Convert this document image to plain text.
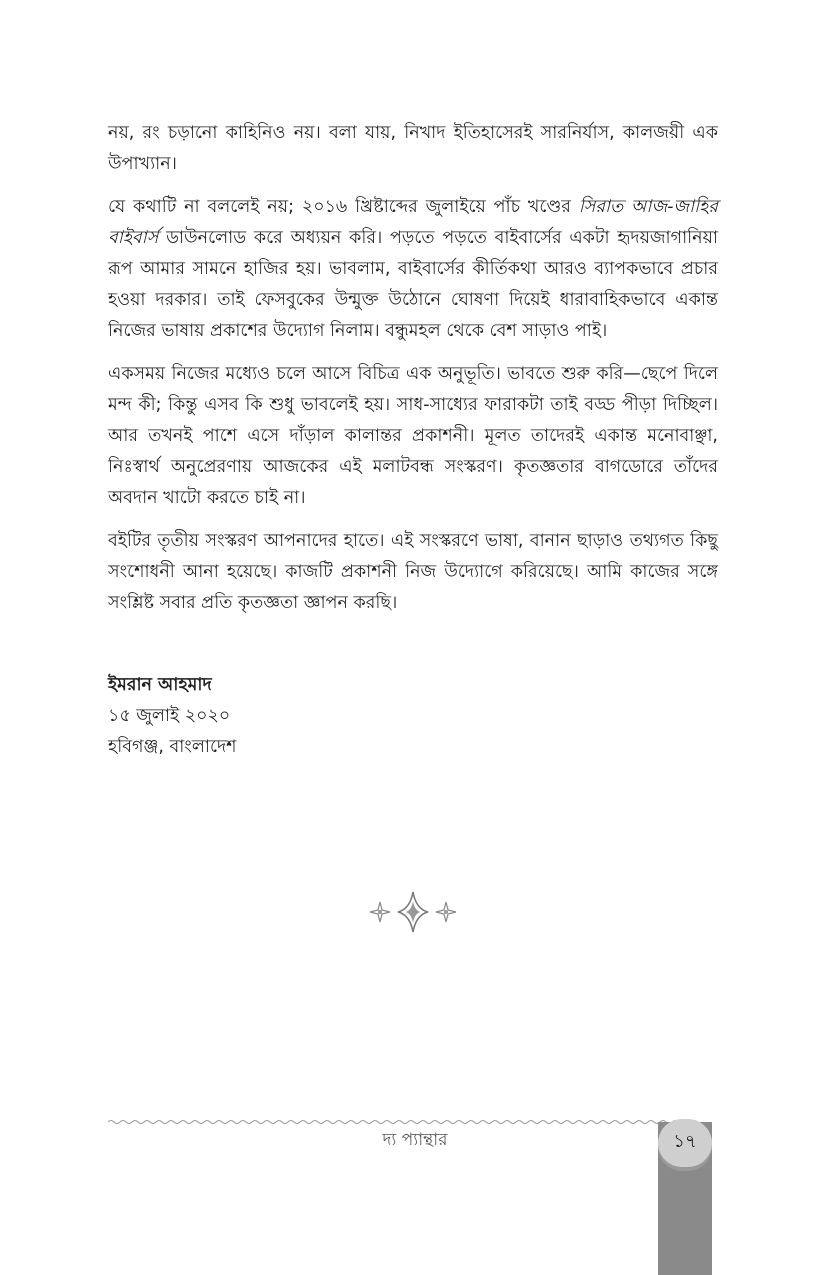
নয়, রং চড়ানো কাহিনিও নয়। বলা যায়, নিখাদ ইতিহাসেরই সারনির্যাস, কালজয়ী এক উপাখ্যান।

যে কথাটি না বললেই নয়; ২০১৬ খ্রিষ্টাব্দের জুলাইয়ে পাঁচ খণ্ডের সিরাত আজ-জাহির বাইবার্স ডাউনলোড করে অধ্যয়ন করি। পড়তে পড়তে বাইবার্সের একটা হৃদয়জাগানিয়া রূপ আমার সামনে হাজির হয়। ভাবলাম, বাইবার্সের কীর্তিকথা আরও ব্যাপকভাবে প্রচার হওয়া দরকার। তাই ফেসবুকের উন্মুক্ত উঠোনে ঘোষণা দিয়েই ধারাবাহিকভাবে একান্ত নিজের ভাষায় প্রকাশের উদ্যোগ নিলাম। বন্ধুমহল থেকে বেশ সাড়াও পাই।

একসময় নিজের মধ্যেও চলে আসে বিচিত্র এক অনুভূতি। ভাবতে শুরু করি—ছেপে দিলে মন্দ কী; কিন্তু এসব কি শুধু ভাবলেই হয়। সাধ-সাধ্যের ফারাকটা তাই বড্ড পীড়া দিচ্ছিল। আর তখনই পাশে এসে দাঁড়াল কালান্তর প্রকাশনী। মূলত তাদেরই একান্ত মনোবাঞ্ছা, নিঃস্বার্থ অনুপ্রেরণায় আজকের এই মলাটবন্ধ সংস্করণ। কৃতজ্ঞতার বাগডোরে তাঁদের অবদান খাটো করতে চাই না।

বইটির তৃতীয় সংস্করণ আপনাদের হাতে। এই সংস্করণে ভাষা, বানান ছাড়াও তথ্যগত কিছু সংশোধনী আনা হয়েছে। কাজটি প্রকাশনী নিজ উদ্যোগে করিয়েছে। আমি কাজের সঙ্গে সংশ্লিষ্ট সবার প্রতি কৃতজ্ঞতা জ্ঞাপন করছি।

ইমরান আহমাদ
১৫ জুলাই ২০২০
হবিগঞ্জ, বাংলাদেশ
দ্য প্যান্থার	১৭
